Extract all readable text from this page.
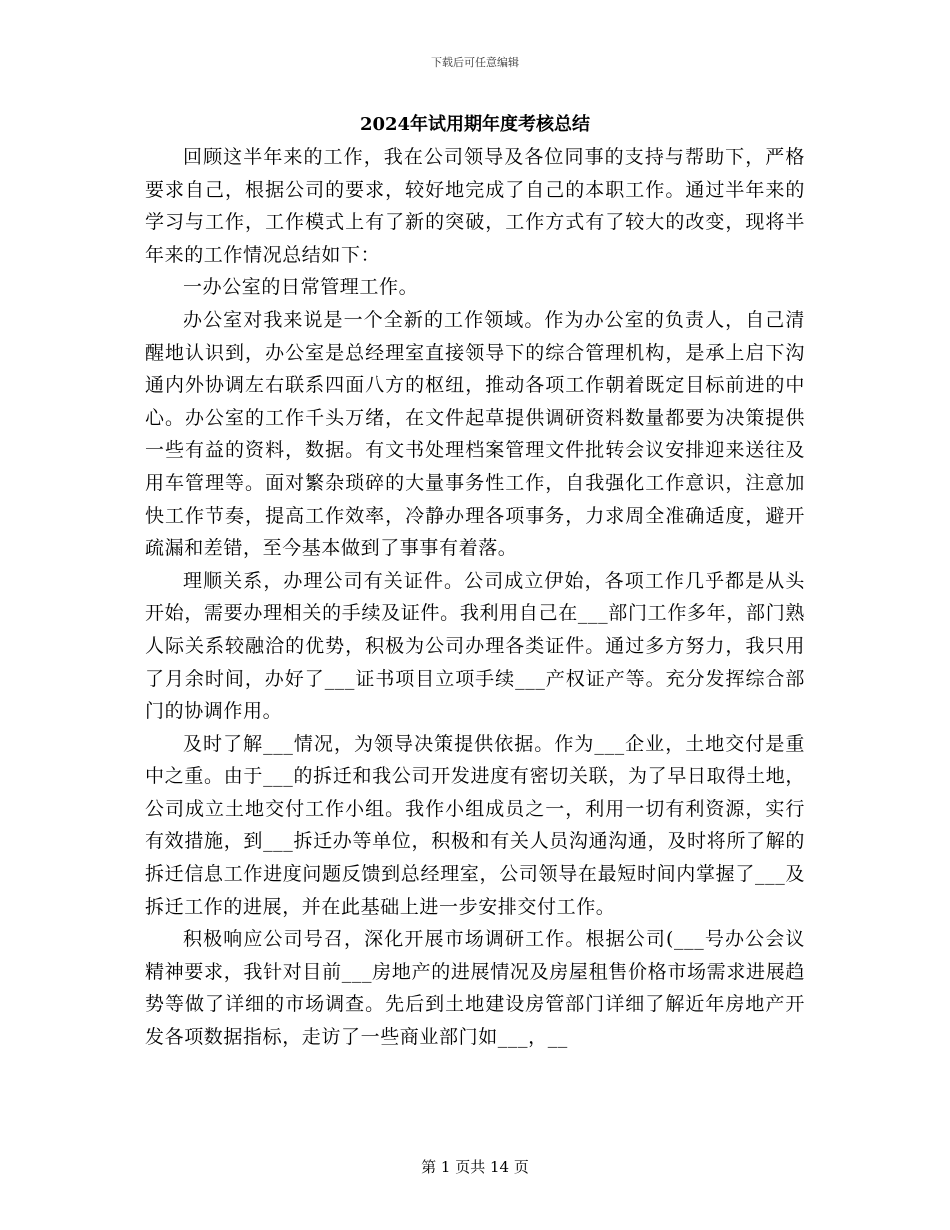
下载后可任意编辑
2024年试用期年度考核总结

回顾这半年来的工作，我在公司领导及各位同事的支持与帮助下，严格要求自己，根据公司的要求，较好地完成了自己的本职工作。通过半年来的学习与工作，工作模式上有了新的突破，工作方式有了较大的改变，现将半年来的工作情况总结如下：

一办公室的日常管理工作。

办公室对我来说是一个全新的工作领域。作为办公室的负责人，自己清醒地认识到，办公室是总经理室直接领导下的综合管理机构，是承上启下沟通内外协调左右联系四面八方的枢纽，推动各项工作朝着既定目标前进的中心。办公室的工作千头万绪，在文件起草提供调研资料数量都要为决策提供一些有益的资料，数据。有文书处理档案管理文件批转会议安排迎来送往及用车管理等。面对繁杂琐碎的大量事务性工作，自我强化工作意识，注意加快工作节奏，提高工作效率，冷静办理各项事务，力求周全准确适度，避开疏漏和差错，至今基本做到了事事有着落。

理顺关系，办理公司有关证件。公司成立伊始，各项工作几乎都是从头开始，需要办理相关的手续及证件。我利用自己在___部门工作多年，部门熟人际关系较融洽的优势，积极为公司办理各类证件。通过多方努力，我只用了月余时间，办好了___证书项目立项手续___产权证产等。充分发挥综合部门的协调作用。

及时了解___情况，为领导决策提供依据。作为___企业，土地交付是重中之重。由于___的拆迁和我公司开发进度有密切关联，为了早日取得土地，公司成立土地交付工作小组。我作小组成员之一，利用一切有利资源，实行有效措施，到___拆迁办等单位，积极和有关人员沟通沟通，及时将所了解的拆迁信息工作进度问题反馈到总经理室，公司领导在最短时间内掌握了___及拆迁工作的进展，并在此基础上进一步安排交付工作。

积极响应公司号召，深化开展市场调研工作。根据公司(___号办公会议精神要求，我针对目前___房地产的进展情况及房屋租售价格市场需求进展趋势等做了详细的市场调查。先后到土地建设房管部门详细了解近年房地产开发各项数据指标，走访了一些商业部门如___，__

第 1 页共 14 页
